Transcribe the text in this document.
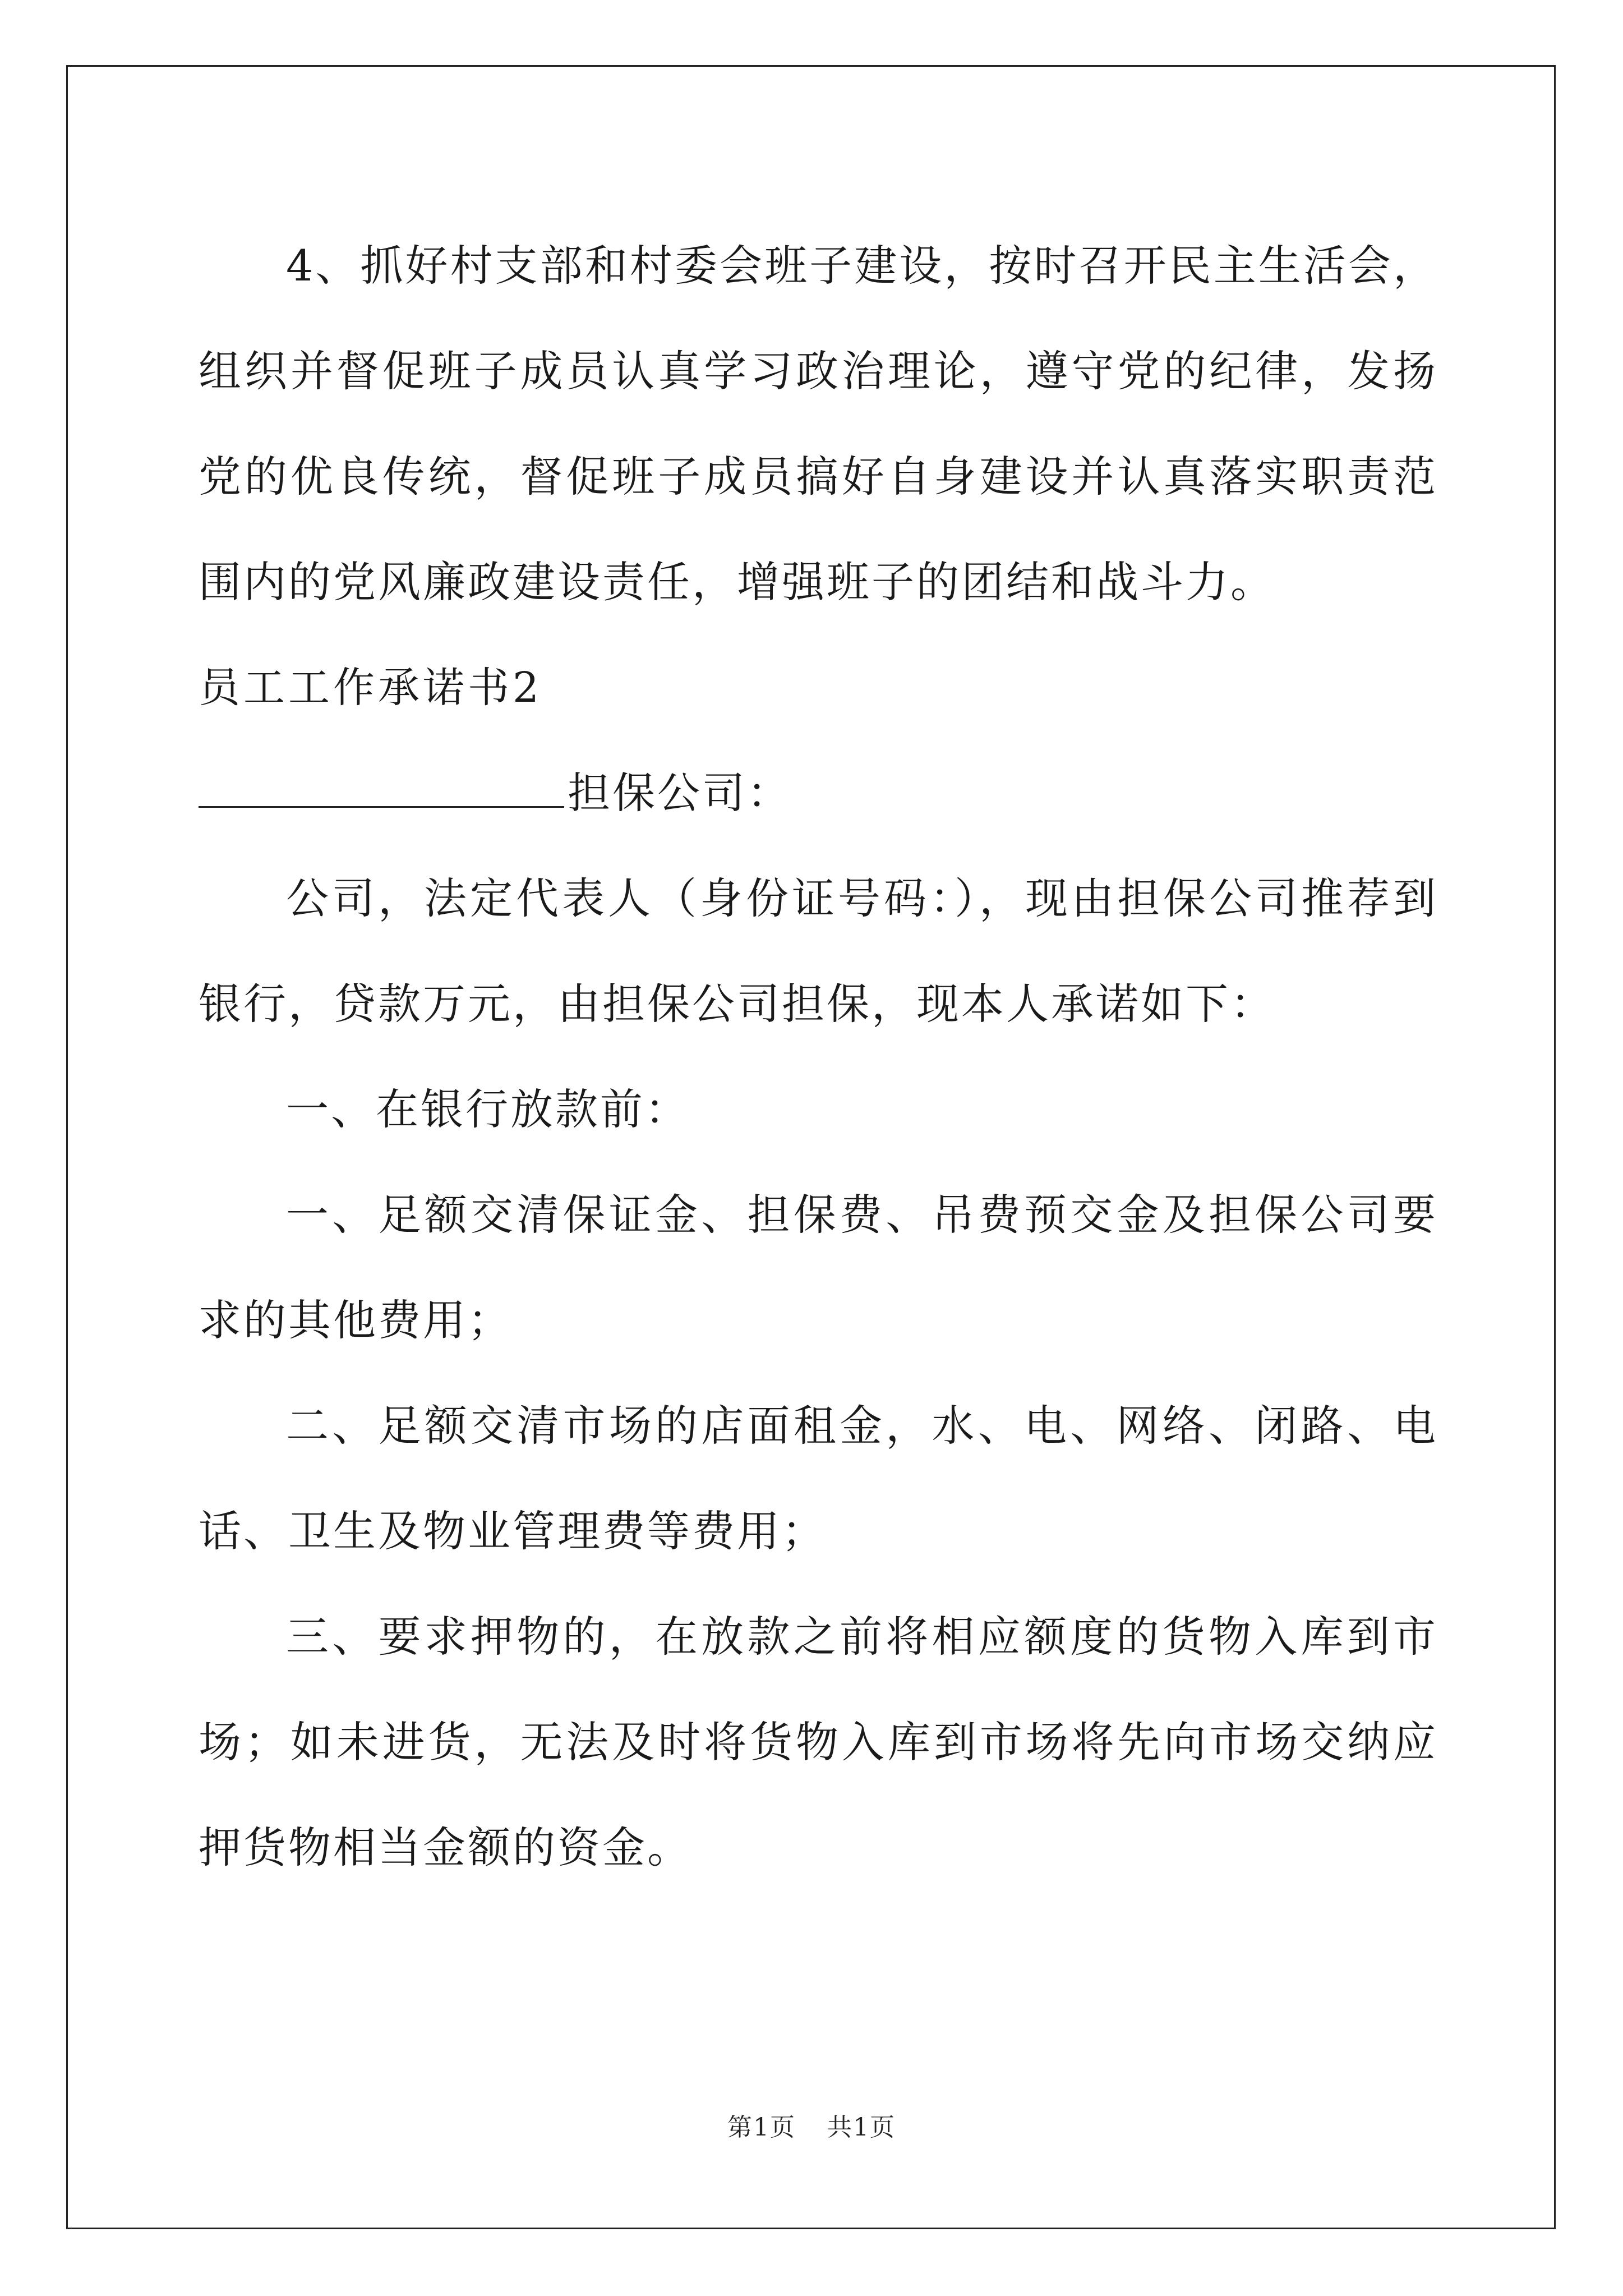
4、抓好村支部和村委会班子建设，按时召开民主生活会，组织并督促班子成员认真学习政治理论，遵守党的纪律，发扬党的优良传统，督促班子成员搞好自身建设并认真落实职责范围内的党风廉政建设责任，增强班子的团结和战斗力。

员工工作承诺书2

担保公司：

公司，法定代表人（身份证号码：），现由担保公司推荐到银行，贷款万元，由担保公司担保，现本人承诺如下：

一、在银行放款前：

一、足额交清保证金、担保费、吊费预交金及担保公司要求的其他费用；

二、足额交清市场的店面租金，水、电、网络、闭路、电话、卫生及物业管理费等费用；

三、要求押物的，在放款之前将相应额度的货物入库到市场；如未进货，无法及时将货物入库到市场将先向市场交纳应押货物相当金额的资金。

第1页 共1页
